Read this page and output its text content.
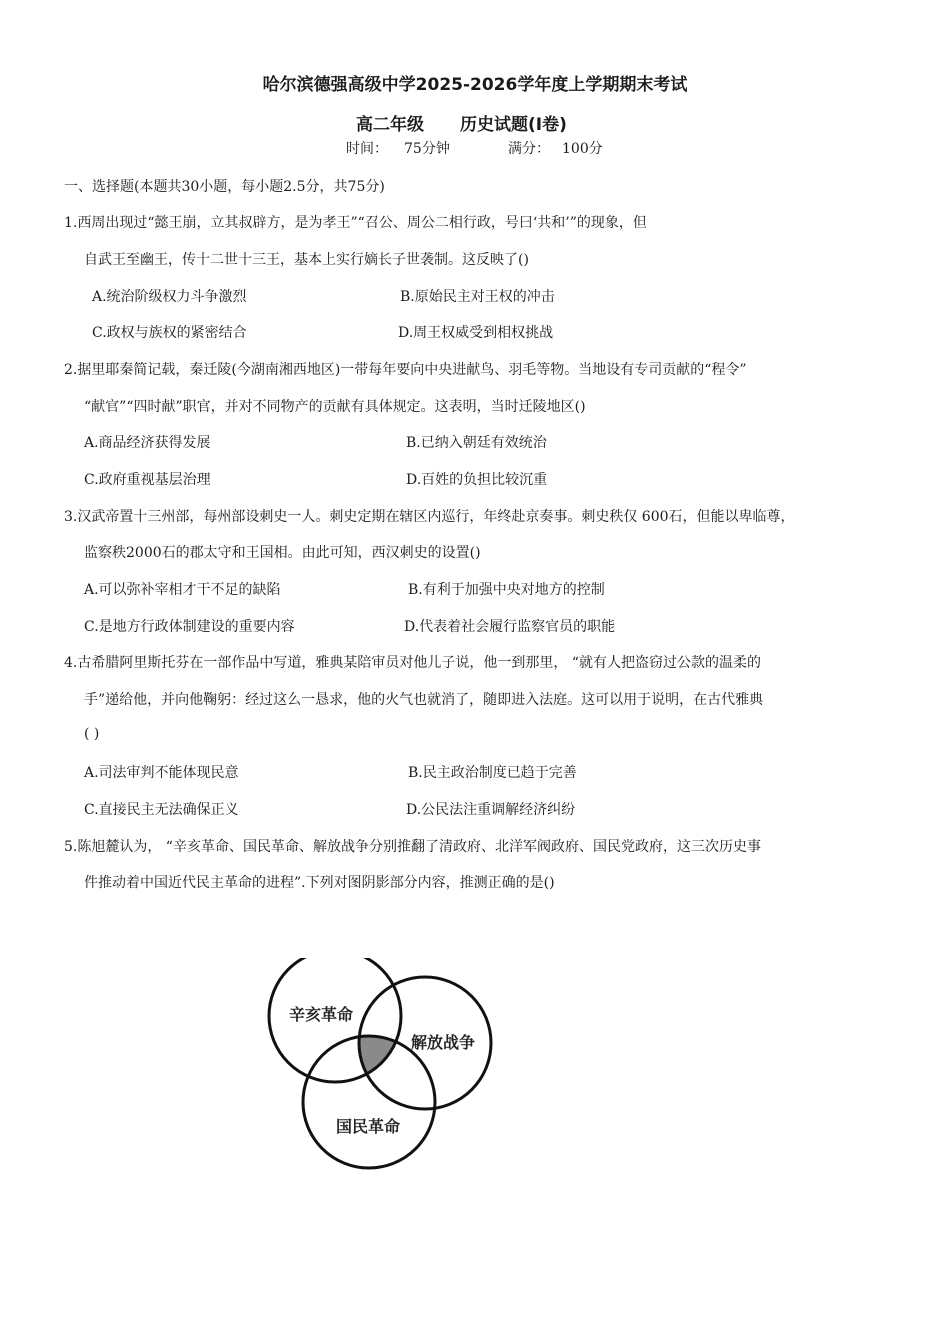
哈尔滨德强高级中学2025-2026学年度上学期期末考试
高二年级 历史试题(Ⅰ卷)
时间： 75分钟	满分： 100分
一、选择题(本题共30小题，每小题2.5分，共75分)
1.西周出现过“懿王崩，立其叔辟方，是为孝王”“召公、周公二相行政，号曰‘共和’”的现象，但
自武王至幽王，传十二世十三王，基本上实行嫡长子世袭制。这反映了()
A.统治阶级权力斗争激烈	B.原始民主对王权的冲击
C.政权与族权的紧密结合	D.周王权威受到相权挑战
2.据里耶秦简记载，秦迁陵(今湖南湘西地区)一带每年要向中央进献鸟、羽毛等物。当地设有专司贡献的“程令”
“献官”“四时献”职官，并对不同物产的贡献有具体规定。这表明，当时迁陵地区()
A.商品经济获得发展	B.已纳入朝廷有效统治
C.政府重视基层治理	D.百姓的负担比较沉重
3.汉武帝置十三州部，每州部设刺史一人。刺史定期在辖区内巡行，年终赴京奏事。刺史秩仅 600石，但能以卑临尊，
监察秩2000石的郡太守和王国相。由此可知，西汉刺史的设置()
A.可以弥补宰相才干不足的缺陷	B.有利于加强中央对地方的控制
C.是地方行政体制建设的重要内容	D.代表着社会履行监察官员的职能
4.古希腊阿里斯托芬在一部作品中写道，雅典某陪审员对他儿子说，他一到那里， “就有人把盗窃过公款的温柔的
手”递给他，并向他鞠躬：经过这么一恳求，他的火气也就消了，随即进入法庭。这可以用于说明，在古代雅典
( )
A.司法审判不能体现民意	B.民主政治制度已趋于完善
C.直接民主无法确保正义	D.公民法注重调解经济纠纷
5.陈旭麓认为， “辛亥革命、国民革命、解放战争分别推翻了清政府、北洋军阀政府、国民党政府，这三次历史事
件推动着中国近代民主革命的进程”.下列对图阴影部分内容，推测正确的是()
辛亥革命
解放战争
国民革命
